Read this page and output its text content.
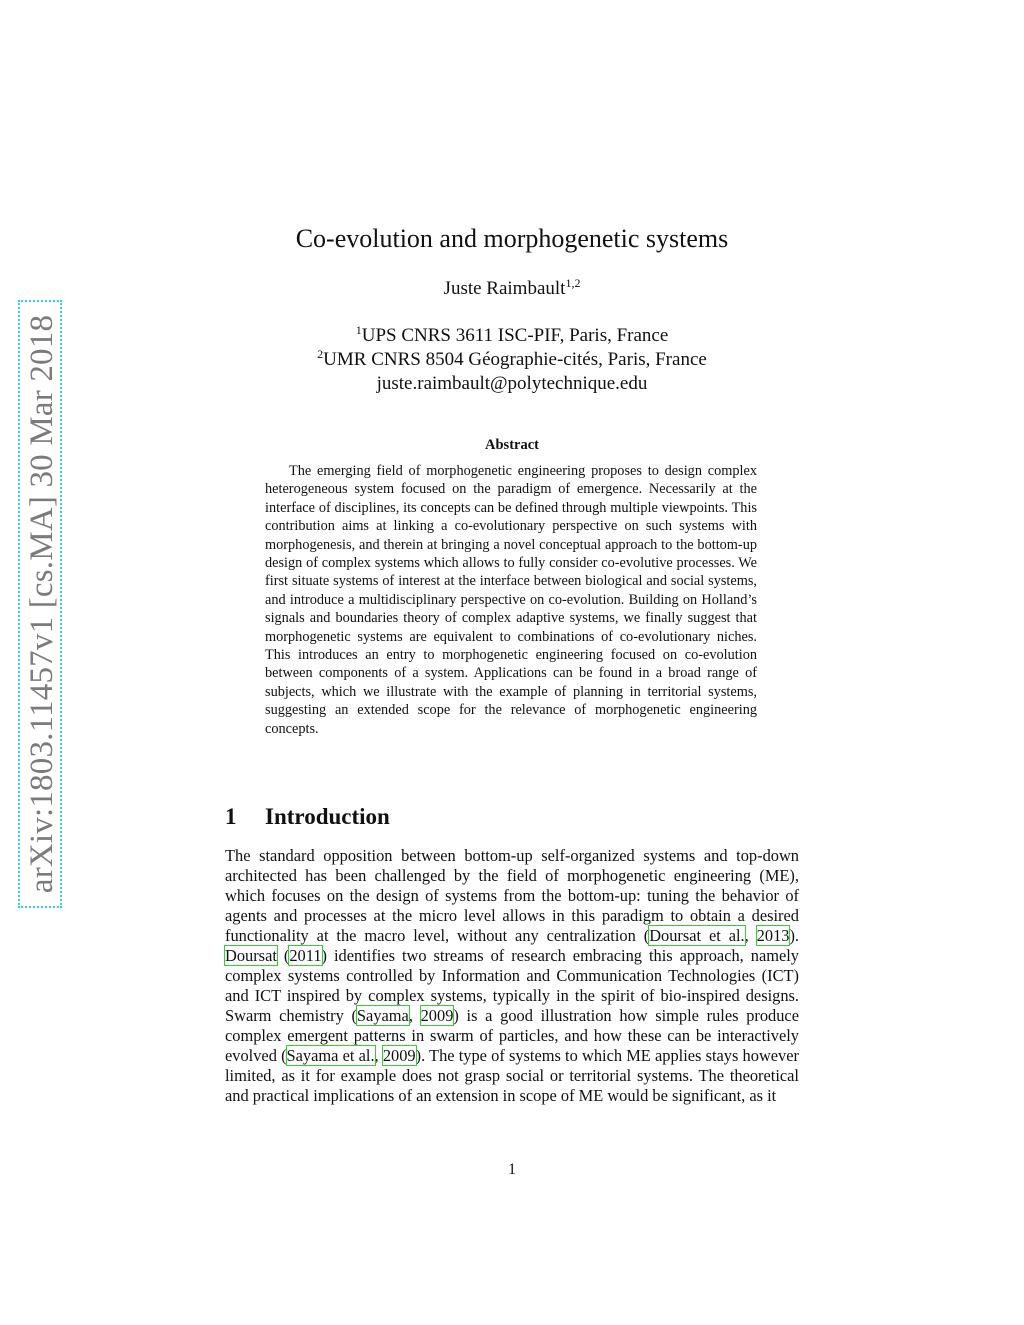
arXiv:1803.11457v1 [cs.MA] 30 Mar 2018
Co-evolution and morphogenetic systems
Juste Raimbault$^{1,2}$
$^1$UPS CNRS 3611 ISC-PIF, Paris, France
$^2$UMR CNRS 8504 Géographie-cités, Paris, France
juste.raimbault@polytechnique.edu
Abstract
The emerging field of morphogenetic engineering proposes to design complex heterogeneous system focused on the paradigm of emergence. Necessarily at the interface of disciplines, its concepts can be defined through multiple viewpoints. This contribution aims at linking a co-evolutionary perspective on such systems with morphogenesis, and therein at bringing a novel conceptual approach to the bottom-up design of complex systems which allows to fully consider co-evolutive processes. We first situate systems of interest at the interface between biological and social systems, and introduce a multidisciplinary perspective on co-evolution. Building on Holland’s signals and boundaries theory of complex adaptive systems, we finally suggest that morphogenetic systems are equivalent to combinations of co-evolutionary niches. This introduces an entry to morphogenetic engineering focused on co-evolution between components of a system. Applications can be found in a broad range of subjects, which we illustrate with the example of planning in territorial systems, suggesting an extended scope for the relevance of morphogenetic engineering concepts.
1 Introduction
The standard opposition between bottom-up self-organized systems and top-down architected has been challenged by the field of morphogenetic engineering (ME), which focuses on the design of systems from the bottom-up: tuning the behavior of agents and processes at the micro level allows in this paradigm to obtain a desired functionality at the macro level, without any centralization (Doursat et al., 2013). Doursat (2011) identifies two streams of research embracing this approach, namely complex systems controlled by Information and Communication Technologies (ICT) and ICT inspired by complex systems, typically in the spirit of bio-inspired designs. Swarm chemistry (Sayama, 2009) is a good illustration how simple rules produce complex emergent patterns in swarm of particles, and how these can be interactively evolved (Sayama et al., 2009). The type of systems to which ME applies stays however limited, as it for example does not grasp social or territorial systems. The theoretical and practical implications of an extension in scope of ME would be significant, as it
1
